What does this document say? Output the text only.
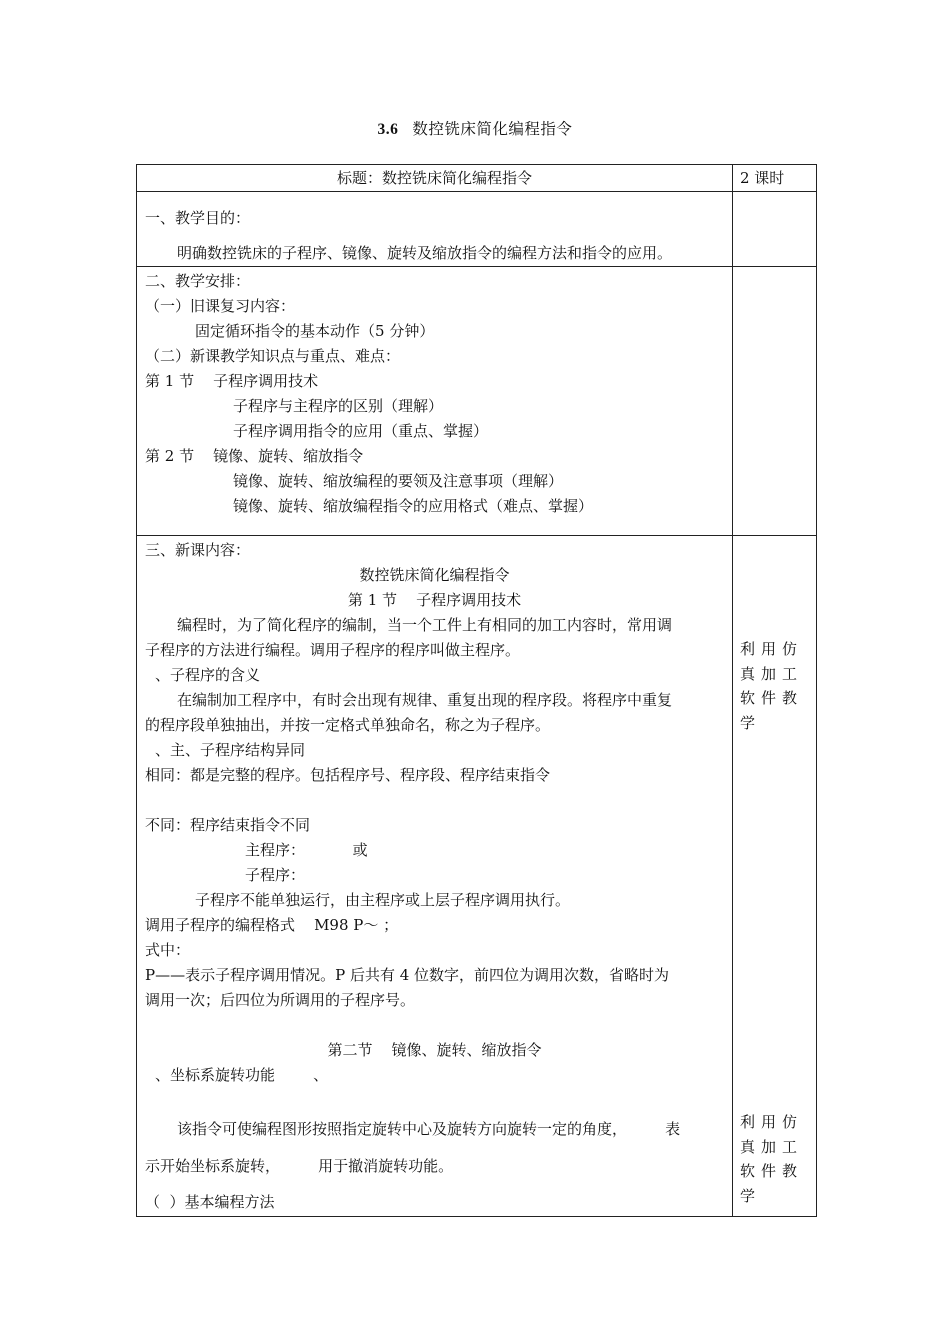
3.6 数控铣床简化编程指令
标题：数控铣床简化编程指令	2 课时
一、教学目的：
明确数控铣床的子程序、镜像、旋转及缩放指令的编程方法和指令的应用。
二、教学安排：
（一）旧课复习内容：
固定循环指令的基本动作（5 分钟）
（二）新课教学知识点与重点、难点：
第 1 节    子程序调用技术
子程序与主程序的区别（理解）
子程序调用指令的应用（重点、掌握）
第 2 节    镜像、旋转、缩放指令
镜像、旋转、缩放编程的要领及注意事项（理解）
镜像、旋转、缩放编程指令的应用格式（难点、掌握）
三、新课内容：
数控铣床简化编程指令
第 1 节    子程序调用技术
编程时，为了简化程序的编制，当一个工件上有相同的加工内容时，常用调
子程序的方法进行编程。调用子程序的程序叫做主程序。
、子程序的含义
在编制加工程序中，有时会出现有规律、重复出现的程序段。将程序中重复
的程序段单独抽出，并按一定格式单独命名，称之为子程序。
、主、子程序结构异同
相同：都是完整的程序。包括程序号、程序段、程序结束指令
不同：程序结束指令不同
主程序：          或
子程序：
子程序不能单独运行，由主程序或上层子程序调用执行。
调用子程序的编程格式    M98 P～ ；
式中：
P——表示子程序调用情况。P 后共有 4 位数字，前四位为调用次数，省略时为
调用一次；后四位为所调用的子程序号。
第二节    镜像、旋转、缩放指令
、坐标系旋转功能        、
该指令可使编程图形按照指定旋转中心及旋转方向旋转一定的角度，        表
示开始坐标系旋转，        用于撤消旋转功能。
（  ）基本编程方法
利用仿真加工软件教学
利用仿真加工软件教学
